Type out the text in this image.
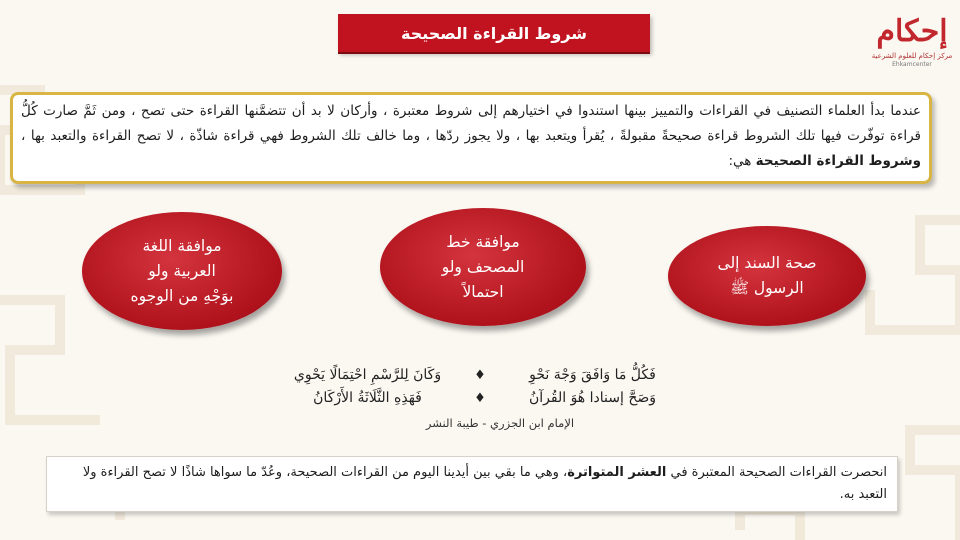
إحكام
مركز إحكام للعلوم الشرعية
Ehkamcenter
شروط القراءة الصحيحة
عندما بدأ العلماء التصنيف في القراءات والتمييز بينها استندوا في اختيارهم إلى شروط معتبرة ، وأركان لا بد أن تتضمَّنها القراءة حتى تصح ، ومن ثَمَّ صارت كُلُّ قراءة توفّرت فيها تلك الشروط قراءة صحيحةً مقبولةً ، يُقرأ ويتعبد بها ، ولا يجوز ردّها ، وما خالف تلك الشروط فهي قراءة شاذّة ، لا تصح القراءة والتعبد بها ، وشروط القراءة الصحيحة هي:
صحة السند إلى
الرسول ﷺ
موافقة خط
المصحف ولو
احتمالاً
موافقة اللغة
العربية ولو
بوَجْهِ من الوجوه
فَكُلُّ مَا وَافَقَ وَجْهَ نَحْوِ
♦
وَكَانَ لِلرَّسْمِ احْتِمَالًا يَحْوِي
وَصَحَّ إسنادا هُوَ القُرآنُ
♦
فَهَذِهِ الثَّلَاثَةُ الأَرْكَانُ
الإمام ابن الجزري - طيبة النشر
انحصرت القراءات الصحيحة المعتبرة في العشر المتواترة، وهي ما بقي بين أيدينا اليوم من القراءات الصحيحة، وعُدّ ما سواها شاذًا لا تصح القراءة ولا التعبد به.
